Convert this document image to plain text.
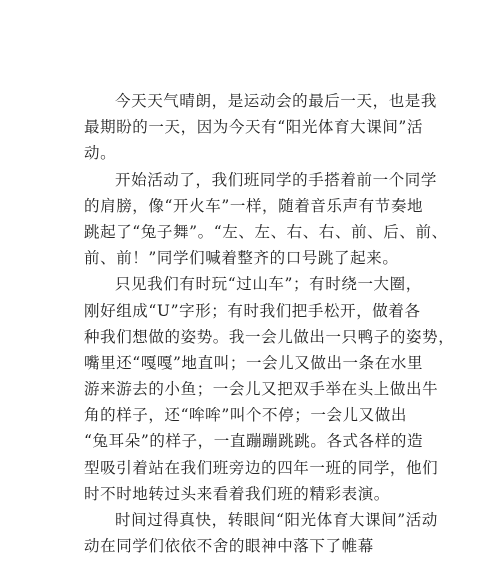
今天天气晴朗，是运动会的最后一天，也是我
最期盼的一天，因为今天有“阳光体育大课间”活
动。
开始活动了，我们班同学的手搭着前一个同学
的肩膀，像“开火车”一样，随着音乐声有节奏地
跳起了“兔子舞”。“左、左、右、右、前、后、前、
前、前！”同学们喊着整齐的口号跳了起来。
只见我们有时玩“过山车”；有时绕一大圈，
刚好组成“U”字形；有时我们把手松开，做着各
种我们想做的姿势。我一会儿做出一只鸭子的姿势，
嘴里还“嘎嘎”地直叫；一会儿又做出一条在水里
游来游去的小鱼；一会儿又把双手举在头上做出牛
角的样子，还“哞哞”叫个不停；一会儿又做出
“兔耳朵”的样子，一直蹦蹦跳跳。各式各样的造
型吸引着站在我们班旁边的四年一班的同学，他们
时不时地转过头来看着我们班的精彩表演。
时间过得真快，转眼间“阳光体育大课间”活动
动在同学们依依不舍的眼神中落下了帷幕
